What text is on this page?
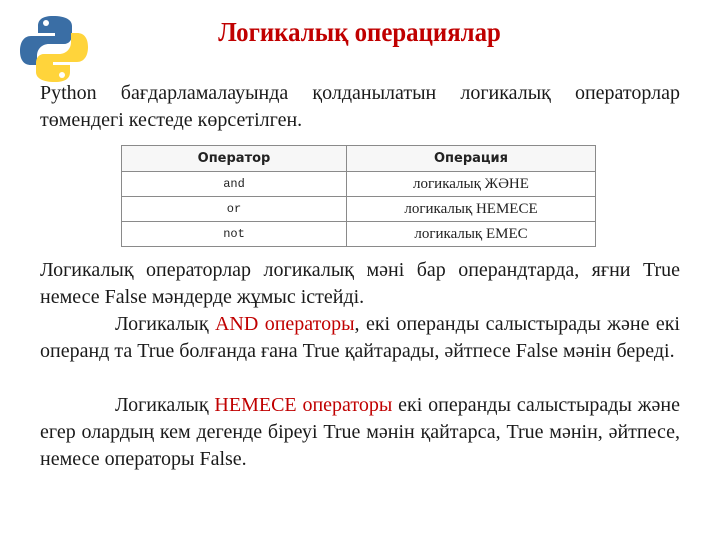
Логикалық операциялар

Python бағдарламалауында қолданылатын логикалық операторлар төмендегі кестеде көрсетілген.

Оператор	Операция
and	логикалық ЖӘНЕ
or	логикалық НЕМЕСЕ
not	логикалық ЕМЕС

Логикалық операторлар логикалық мәні бар операндтарда, яғни True немесе False мәндерде жұмыс істейді.

Логикалық AND операторы, екі операнды салыстырады және екі операнд та True болғанда ғана True қайтарады, әйтпесе False мәнін береді.

Логикалық НЕМЕСЕ операторы екі операнды салыстырады және егер олардың кем дегенде біреуі True мәнін қайтарса, True мәнін, әйтпесе, немесе операторы False.
